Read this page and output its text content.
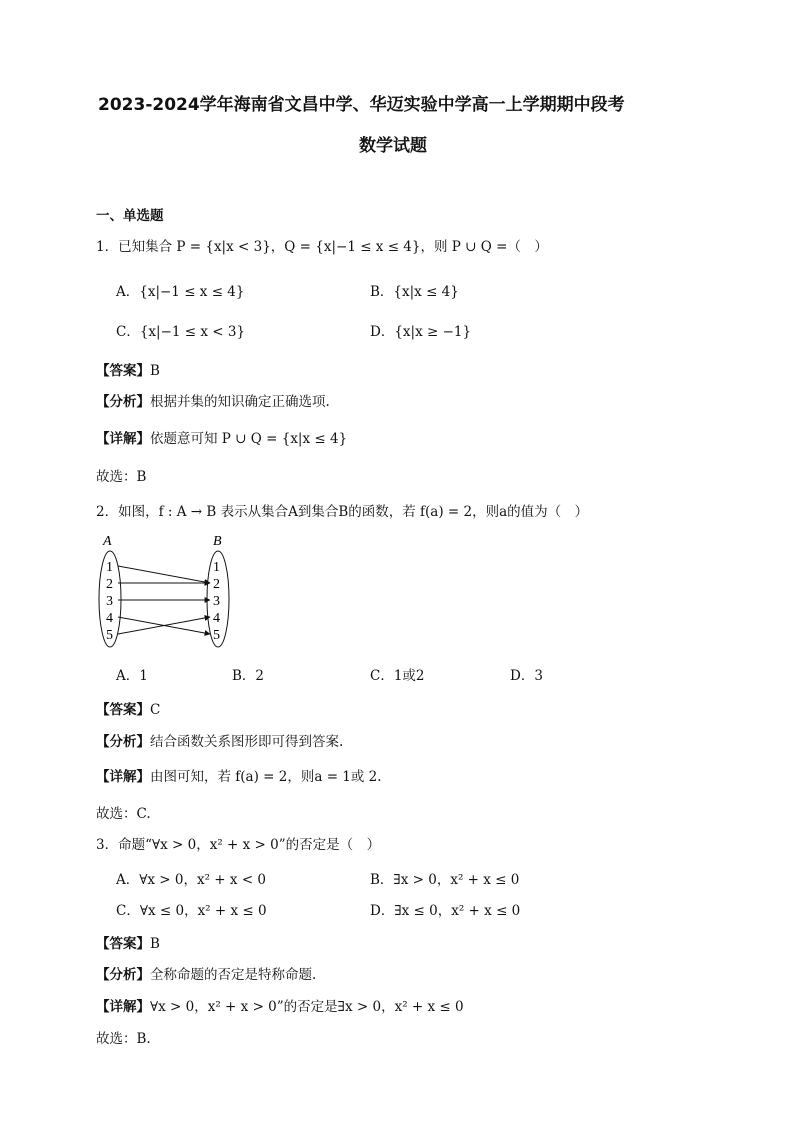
2023-2024学年海南省文昌中学、华迈实验中学高一上学期期中段考
数学试题
一、单选题
1．已知集合 P = {x|x < 3}，Q = {x|−1 ≤ x ≤ 4}，则 P ∪ Q =（　）
A．{x|−1 ≤ x ≤ 4}	B．{x|x ≤ 4}
C．{x|−1 ≤ x < 3}	D．{x|x ≥ −1}
【答案】B
【分析】根据并集的知识确定正确选项.
【详解】依题意可知 P ∪ Q = {x|x ≤ 4}
故选：B
2．如图，f : A → B 表示从集合A到集合B的函数，若 f(a) = 2，则a的值为（　）
A	B
1
2
3
4
5
1
2
3
4
5
A．1	B．2	C．1或2	D．3
【答案】C
【分析】结合函数关系图形即可得到答案.
【详解】由图可知，若 f(a) = 2，则a = 1或 2.
故选：C.
3．命题“∀x > 0，x² + x > 0”的否定是（　）
A．∀x > 0，x² + x < 0	B．∃x > 0，x² + x ≤ 0
C．∀x ≤ 0，x² + x ≤ 0	D．∃x ≤ 0，x² + x ≤ 0
【答案】B
【分析】全称命题的否定是特称命题.
【详解】∀x > 0，x² + x > 0”的否定是∃x > 0，x² + x ≤ 0
故选：B.
